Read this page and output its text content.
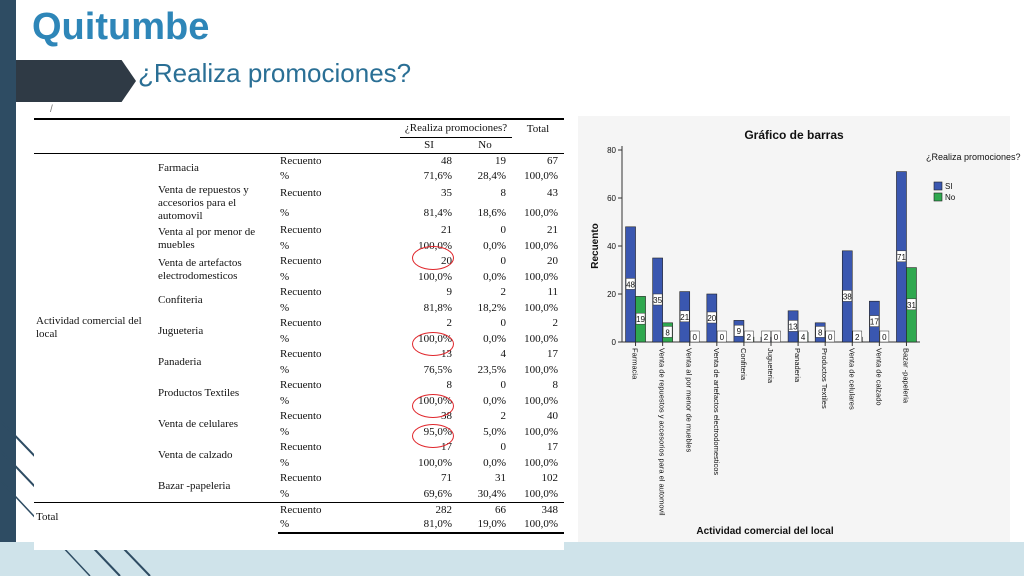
Quitumbe
¿Realiza promociones?
/
			¿Realiza promociones?		Total
			SI	No	
Actividad comercial del local	Farmacia	Recuento	48	19	67
		%	71,6%	28,4%	100,0%
	Venta de repuestos y accesorios para el automovil	Recuento	35	8	43
		%	81,4%	18,6%	100,0%
	Venta al por menor de muebles	Recuento	21	0	21
		%	100,0%	0,0%	100,0%
	Venta de artefactos electrodomesticos	Recuento	20	0	20
		%	100,0%	0,0%	100,0%
	Confiteria	Recuento	9	2	11
		%	81,8%	18,2%	100,0%
	Jugueteria	Recuento	2	0	2
		%	100,0%	0,0%	100,0%
	Panaderia	Recuento	13	4	17
		%	76,5%	23,5%	100,0%
	Productos Textiles	Recuento	8	0	8
		%	100,0%	0,0%	100,0%
	Venta de celulares	Recuento	38	2	40
		%	95,0%	5,0%	100,0%
	Venta de calzado	Recuento	17	0	17
		%	100,0%	0,0%	100,0%
	Bazar -papeleria	Recuento	71	31	102
		%	69,6%	30,4%	100,0%
Total		Recuento	282	66	348
		%	81,0%	19,0%	100,0%
Gráfico de barras
0
20
40
60
80
Recuento
48
19
Farmacia
35
8
Venta de repuestos y accesorios para el automovil
21
0
Venta al por menor de muebles
20
0
Venta de artefactos electrodomesticos
9
2
Confiteria
2 0
Jugueteria
13
4
Panaderia
8
0
Productos Textiles
38
2
Venta de celulares
17
0
Venta de calzado
71
31
Bazar -papeleria
Actividad comercial del local
¿Realiza promociones?
SI
No
